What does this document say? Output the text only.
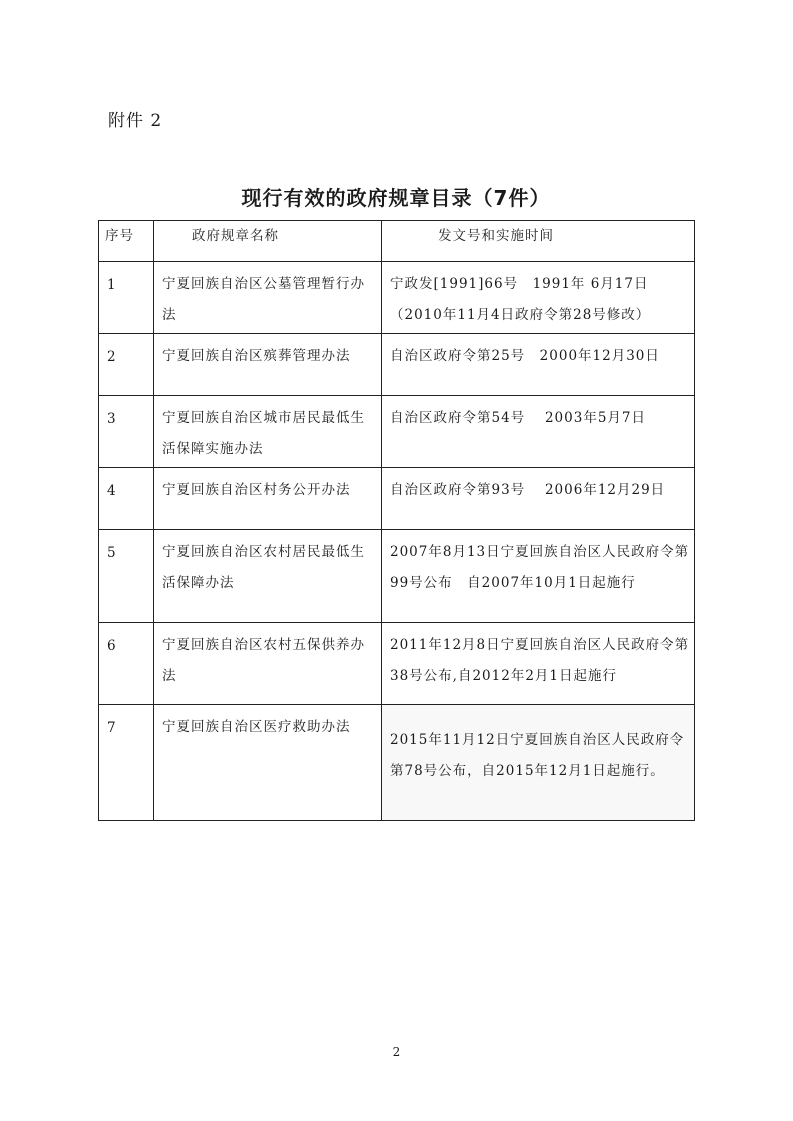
附件 2
现行有效的政府规章目录（7件）
序号	政府规章名称	发文号和实施时间
1	宁夏回族自治区公墓管理暂行办法	宁政发[1991]66号　1991年 6月17日（2010年11月4日政府令第28号修改）
2	宁夏回族自治区殡葬管理办法	自治区政府令第25号　2000年12月30日
3	宁夏回族自治区城市居民最低生活保障实施办法	自治区政府令第54号　 2003年5月7日
4	宁夏回族自治区村务公开办法	自治区政府令第93号　 2006年12月29日
5	宁夏回族自治区农村居民最低生活保障办法	2007年8月13日宁夏回族自治区人民政府令第99号公布　自2007年10月1日起施行
6	宁夏回族自治区农村五保供养办法	2011年12月8日宁夏回族自治区人民政府令第38号公布,自2012年2月1日起施行
7	宁夏回族自治区医疗救助办法	2015年11月12日宁夏回族自治区人民政府令第78号公布，自2015年12月1日起施行。
2
